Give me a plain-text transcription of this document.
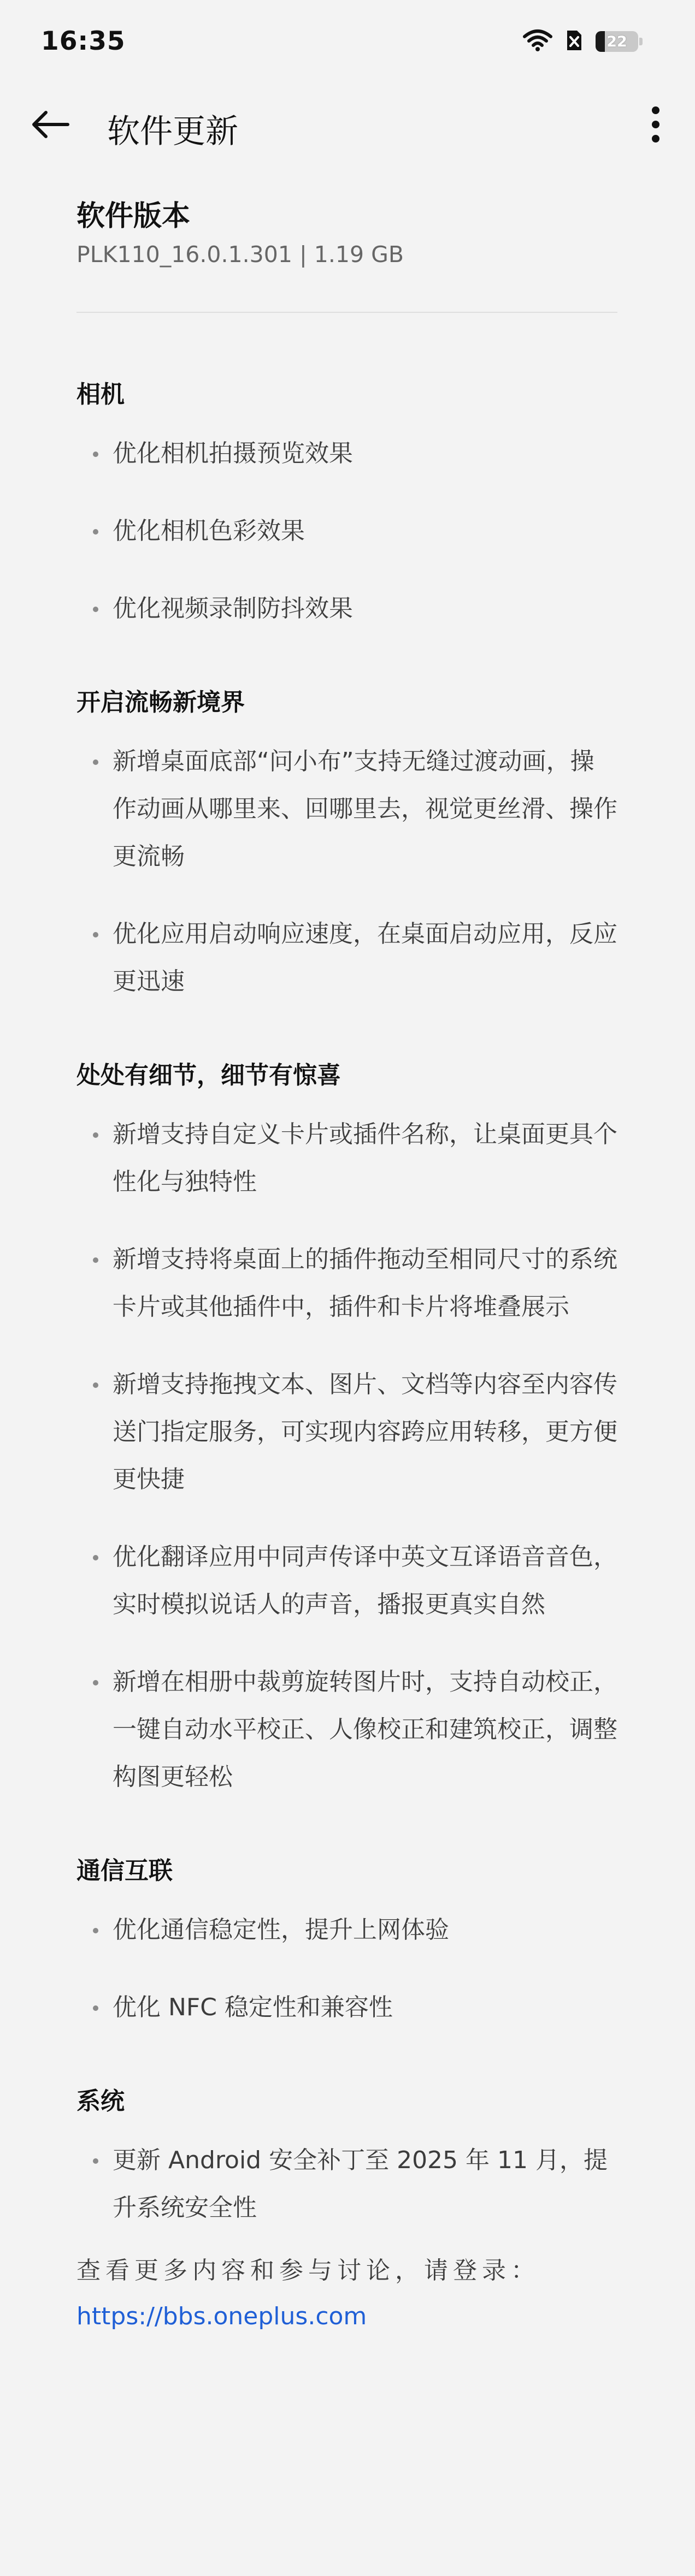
16:35	22
软件更新
软件版本
PLK110_16.0.1.301 | 1.19 GB
相机
优化相机拍摄预览效果
优化相机色彩效果
优化视频录制防抖效果
开启流畅新境界
新增桌面底部“问小布”支持无缝过渡动画，操作动画从哪里来、回哪里去，视觉更丝滑、操作更流畅
优化应用启动响应速度，在桌面启动应用，反应更迅速
处处有细节，细节有惊喜
新增支持自定义卡片或插件名称，让桌面更具个性化与独特性
新增支持将桌面上的插件拖动至相同尺寸的系统卡片或其他插件中，插件和卡片将堆叠展示
新增支持拖拽文本、图片、文档等内容至内容传送门指定服务，可实现内容跨应用转移，更方便更快捷
优化翻译应用中同声传译中英文互译语音音色，实时模拟说话人的声音，播报更真实自然
新增在相册中裁剪旋转图片时，支持自动校正，一键自动水平校正、人像校正和建筑校正，调整构图更轻松
通信互联
优化通信稳定性，提升上网体验
优化 NFC 稳定性和兼容性
系统
更新 Android 安全补丁至 2025 年 11 月，提升系统安全性
查看更多内容和参与讨论，请登录：
https://bbs.oneplus.com
